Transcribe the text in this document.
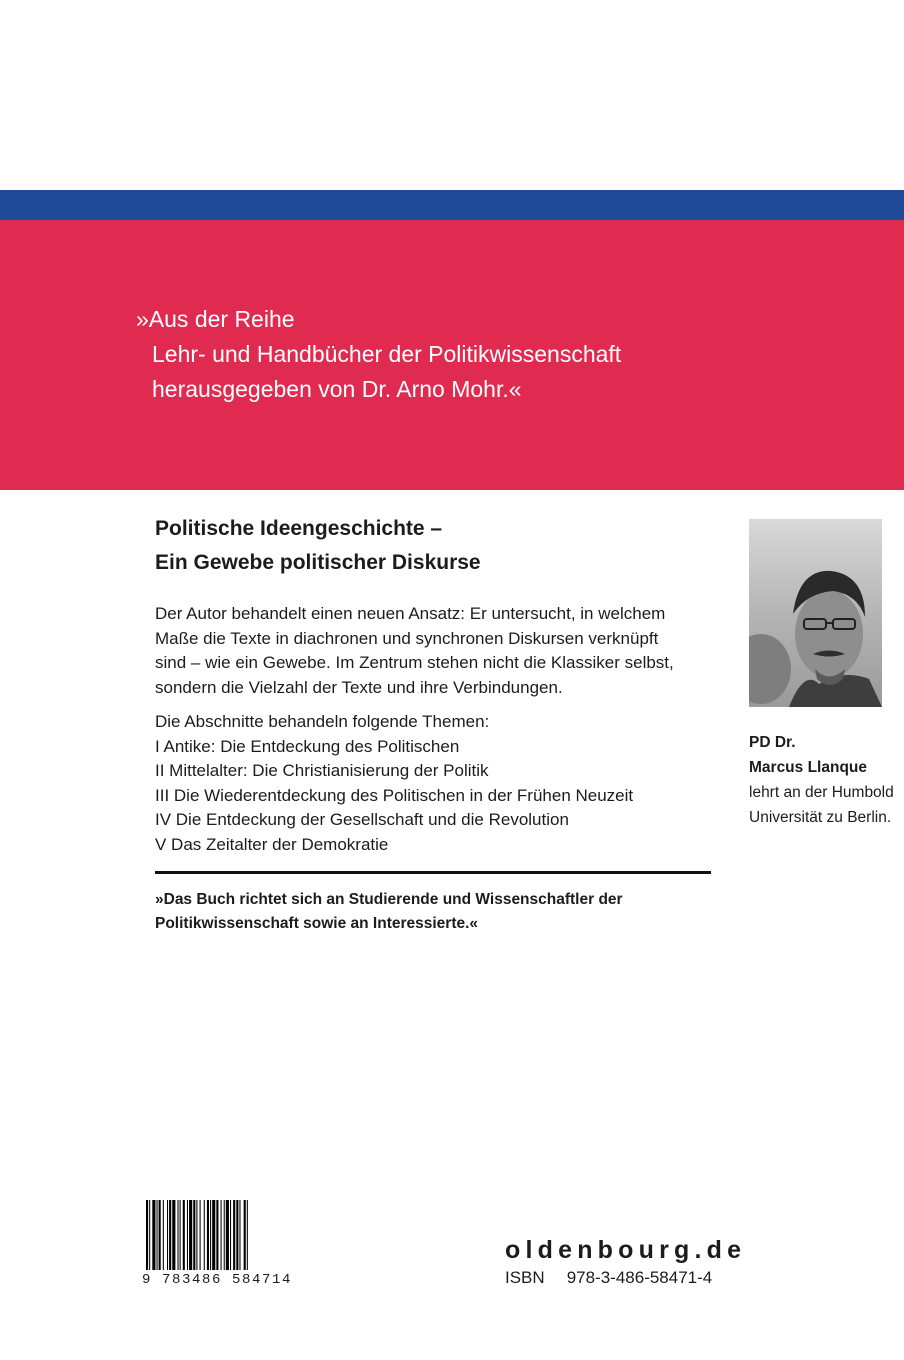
»Aus der Reihe
Lehr- und Handbücher der Politikwissenschaft
herausgegeben von Dr. Arno Mohr.«
Politische Ideengeschichte –
Ein Gewebe politischer Diskurse
Der Autor behandelt einen neuen Ansatz: Er untersucht, in welchem
Maße die Texte in diachronen und synchronen Diskursen verknüpft
sind – wie ein Gewebe. Im Zentrum stehen nicht die Klassiker selbst,
sondern die Vielzahl der Texte und ihre Verbindungen.
Die Abschnitte behandeln folgende Themen:
I Antike: Die Entdeckung des Politischen
II Mittelalter: Die Christianisierung der Politik
III Die Wiederentdeckung des Politischen in der Frühen Neuzeit
IV Die Entdeckung der Gesellschaft und die Revolution
V Das Zeitalter der Demokratie
»Das Buch richtet sich an Studierende und Wissenschaftler der
Politikwissenschaft sowie an Interessierte.«
PD Dr.
Marcus Llanque
lehrt an der Humbold
Universität zu Berlin.
9 783486 584714
oldenbourg.de
ISBN 978-3-486-58471-4
